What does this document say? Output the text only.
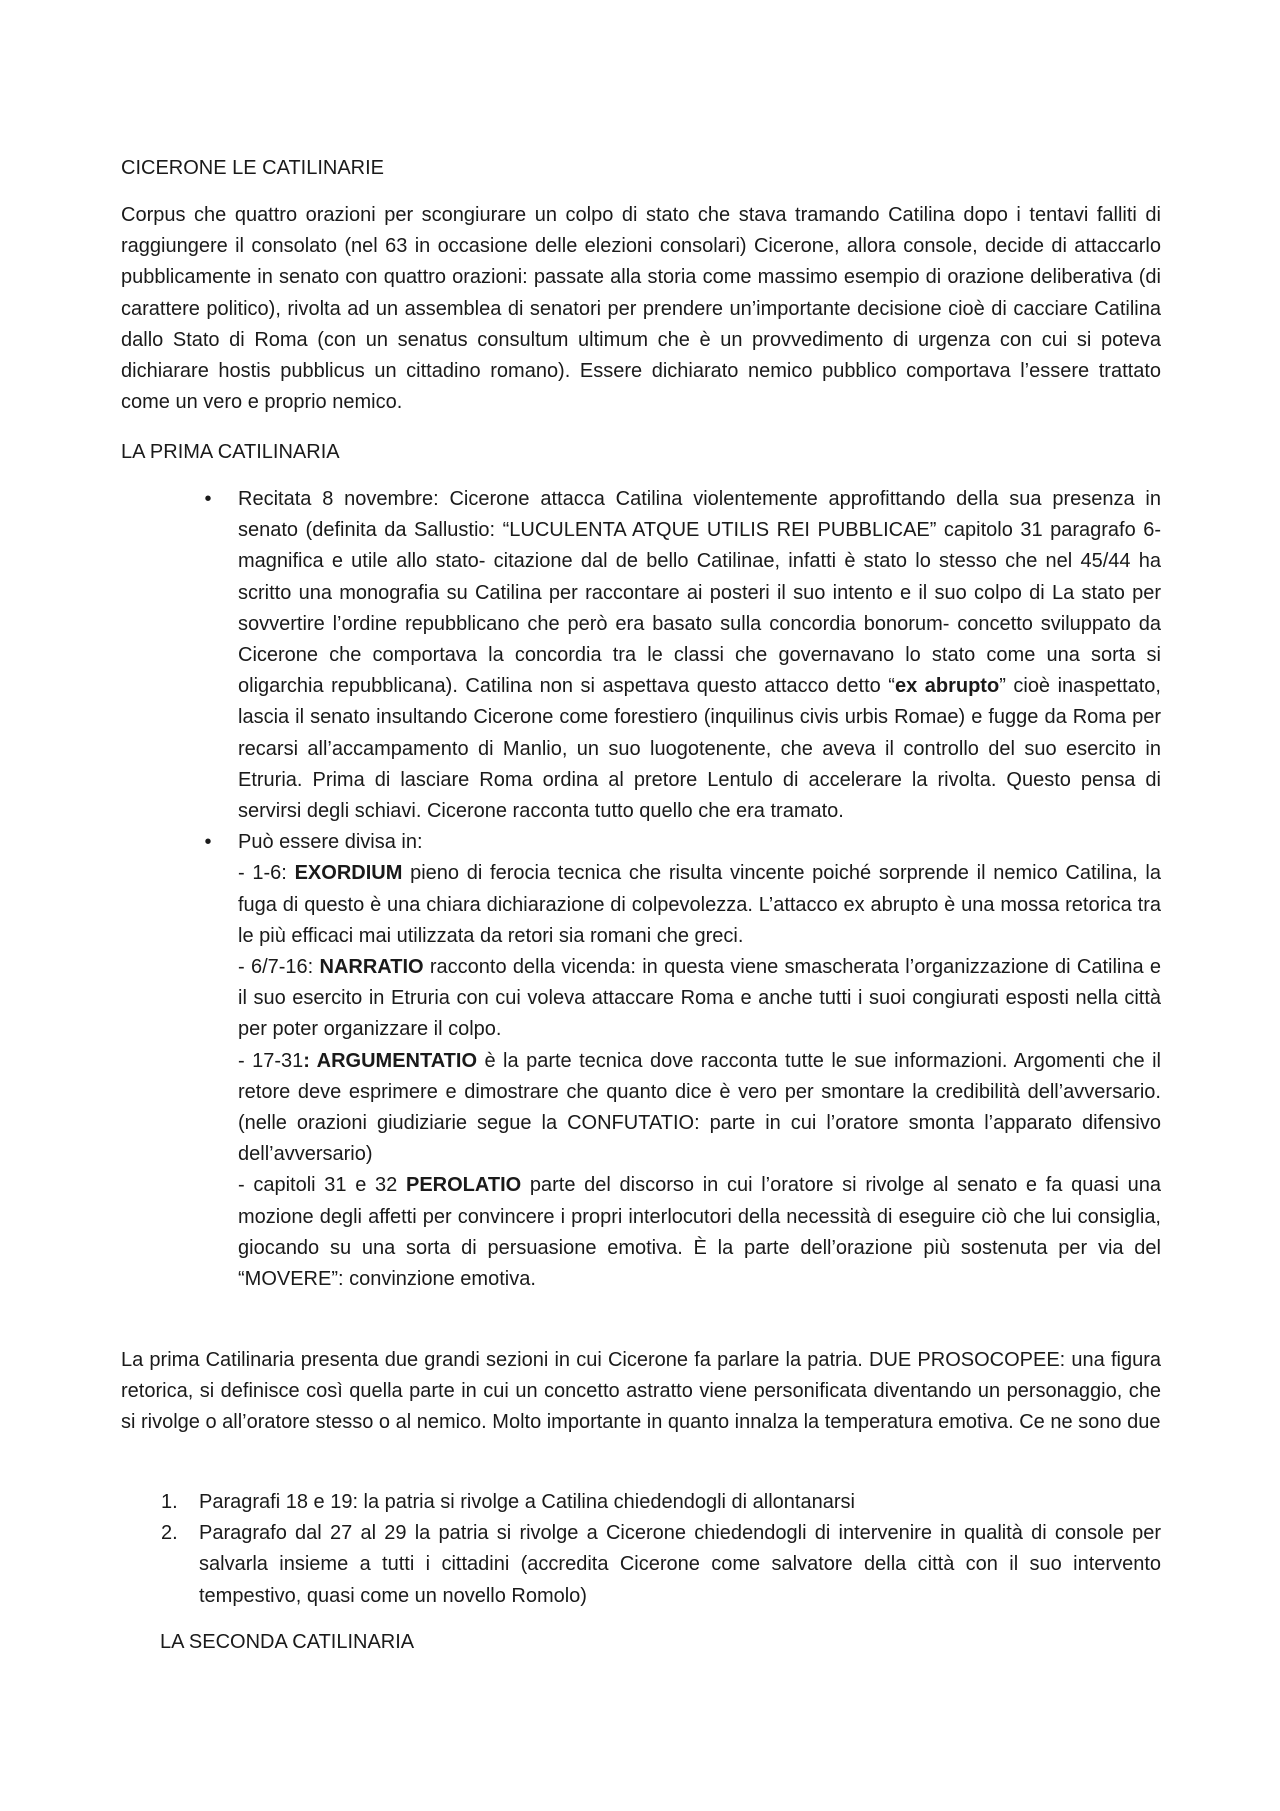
CICERONE LE CATILINARIE

Corpus che quattro orazioni per scongiurare un colpo di stato che stava tramando Catilina dopo i tentavi falliti di raggiungere il consolato (nel 63 in occasione delle elezioni consolari) Cicerone, allora console, decide di attaccarlo pubblicamente in senato con quattro orazioni: passate alla storia come massimo esempio di orazione deliberativa (di carattere politico), rivolta ad un assemblea di senatori per prendere un’importante decisione cioè di cacciare Catilina dallo Stato di Roma (con un senatus consultum ultimum che è un provvedimento di urgenza con cui si poteva dichiarare hostis pubblicus un cittadino romano). Essere dichiarato nemico pubblico comportava l’essere trattato come un vero e proprio nemico.

LA PRIMA CATILINARIA

•	Recitata 8 novembre: Cicerone attacca Catilina violentemente approfittando della sua presenza in senato (definita da Sallustio: “LUCULENTA ATQUE UTILIS REI PUBBLICAE” capitolo 31 paragrafo 6- magnifica e utile allo stato- citazione dal de bello Catilinae, infatti è stato lo stesso che nel 45/44 ha scritto una monografia su Catilina per raccontare ai posteri il suo intento e il suo colpo di La stato per sovvertire l’ordine repubblicano che però era basato sulla concordia bonorum- concetto sviluppato da Cicerone che comportava la concordia tra le classi che governavano lo stato come una sorta si oligarchia repubblicana). Catilina non si aspettava questo attacco detto “ex abrupto” cioè inaspettato, lascia il senato insultando Cicerone come forestiero (inquilinus civis urbis Romae) e fugge da Roma per recarsi all’accampamento di Manlio, un suo luogotenente, che aveva il controllo del suo esercito in Etruria. Prima di lasciare Roma ordina al pretore Lentulo di accelerare la rivolta. Questo pensa di servirsi degli schiavi. Cicerone racconta tutto quello che era tramato.
•	Può essere divisa in:
- 1-6: EXORDIUM pieno di ferocia tecnica che risulta vincente poiché sorprende il nemico Catilina, la fuga di questo è una chiara dichiarazione di colpevolezza. L’attacco ex abrupto è una mossa retorica tra le più efficaci mai utilizzata da retori sia romani che greci.
- 6/7-16: NARRATIO racconto della vicenda: in questa viene smascherata l’organizzazione di Catilina e il suo esercito in Etruria con cui voleva attaccare Roma e anche tutti i suoi congiurati esposti nella città per poter organizzare il colpo.
- 17-31: ARGUMENTATIO è la parte tecnica dove racconta tutte le sue informazioni. Argomenti che il retore deve esprimere e dimostrare che quanto dice è vero per smontare la credibilità dell’avversario. (nelle orazioni giudiziarie segue la CONFUTATIO: parte in cui l’oratore smonta l’apparato difensivo dell’avversario)
- capitoli 31 e 32 PEROLATIO parte del discorso in cui l’oratore si rivolge al senato e fa quasi una mozione degli affetti per convincere i propri interlocutori della necessità di eseguire ciò che lui consiglia, giocando su una sorta di persuasione emotiva. È la parte dell’orazione più sostenuta per via del “MOVERE”: convinzione emotiva.

La prima Catilinaria presenta due grandi sezioni in cui Cicerone fa parlare la patria. DUE PROSOCOPEE: una figura retorica, si definisce così quella parte in cui un concetto astratto viene personificata diventando un personaggio, che si rivolge o all’oratore stesso o al nemico. Molto importante in quanto innalza la temperatura emotiva. Ce ne sono due

1. Paragrafi 18 e 19: la patria si rivolge a Catilina chiedendogli di allontanarsi
2. Paragrafo dal 27 al 29 la patria si rivolge a Cicerone chiedendogli di intervenire in qualità di console per salvarla insieme a tutti i cittadini (accredita Cicerone come salvatore della città con il suo intervento tempestivo, quasi come un novello Romolo)

LA SECONDA CATILINARIA
